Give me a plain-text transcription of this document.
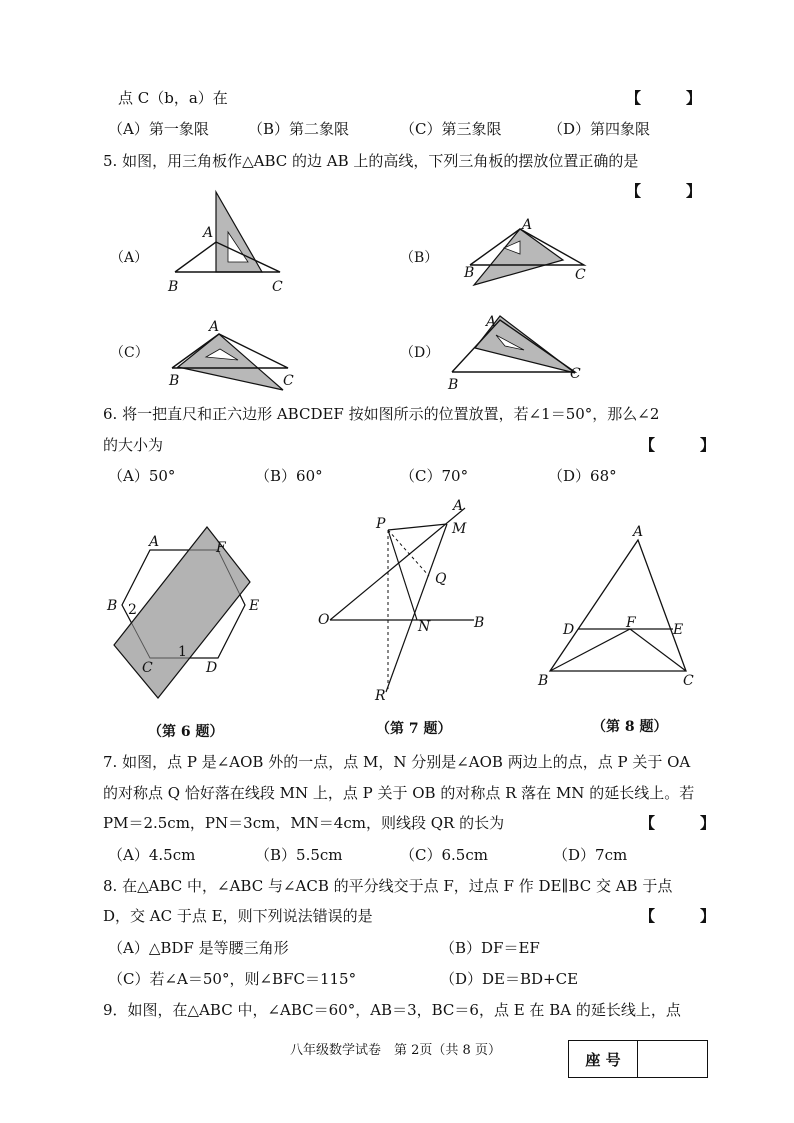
点 C（b，a）在	【　　　】
（A）第一象限	（B）第二象限	（C）第三象限	（D）第四象限
5. 如图，用三角板作△ABC 的边 AB 上的高线，下列三角板的摆放位置正确的是
【　　　】
（A）	（B）
（C）	（D）
A
B	C
A
B	C
A
B	C
A
B
C
6. 将一把直尺和正六边形 ABCDEF 按如图所示的位置放置，若∠1＝50°，那么∠2
的大小为	【　　　】
（A）50°	（B）60°	（C）70°	（D）68°
A	F
B 2	E
C
1
D
P
A
M
Q
O	N	B
R
A
D	F	E
B	C
（第 6 题）	（第 7 题）	（第 8 题）
7. 如图，点 P 是∠AOB 外的一点，点 M，N 分别是∠AOB 两边上的点，点 P 关于 OA
的对称点 Q 恰好落在线段 MN 上，点 P 关于 OB 的对称点 R 落在 MN 的延长线上。若
PM＝2.5cm，PN＝3cm，MN＝4cm，则线段 QR 的长为	【　　　】
（A）4.5cm	（B）5.5cm	（C）6.5cm	（D）7cm
8. 在△ABC 中，∠ABC 与∠ACB 的平分线交于点 F，过点 F 作 DE∥BC 交 AB 于点
D，交 AC 于点 E，则下列说法错误的是	【　　　】
（A）△BDF 是等腰三角形	（B）DF＝EF
（C）若∠A＝50°，则∠BFC＝115°	（D）DE＝BD+CE
9．如图，在△ABC 中，∠ABC＝60°，AB＝3，BC＝6，点 E 在 BA 的延长线上，点
八年级数学试卷　第 2页（共 8 页）	座 号
